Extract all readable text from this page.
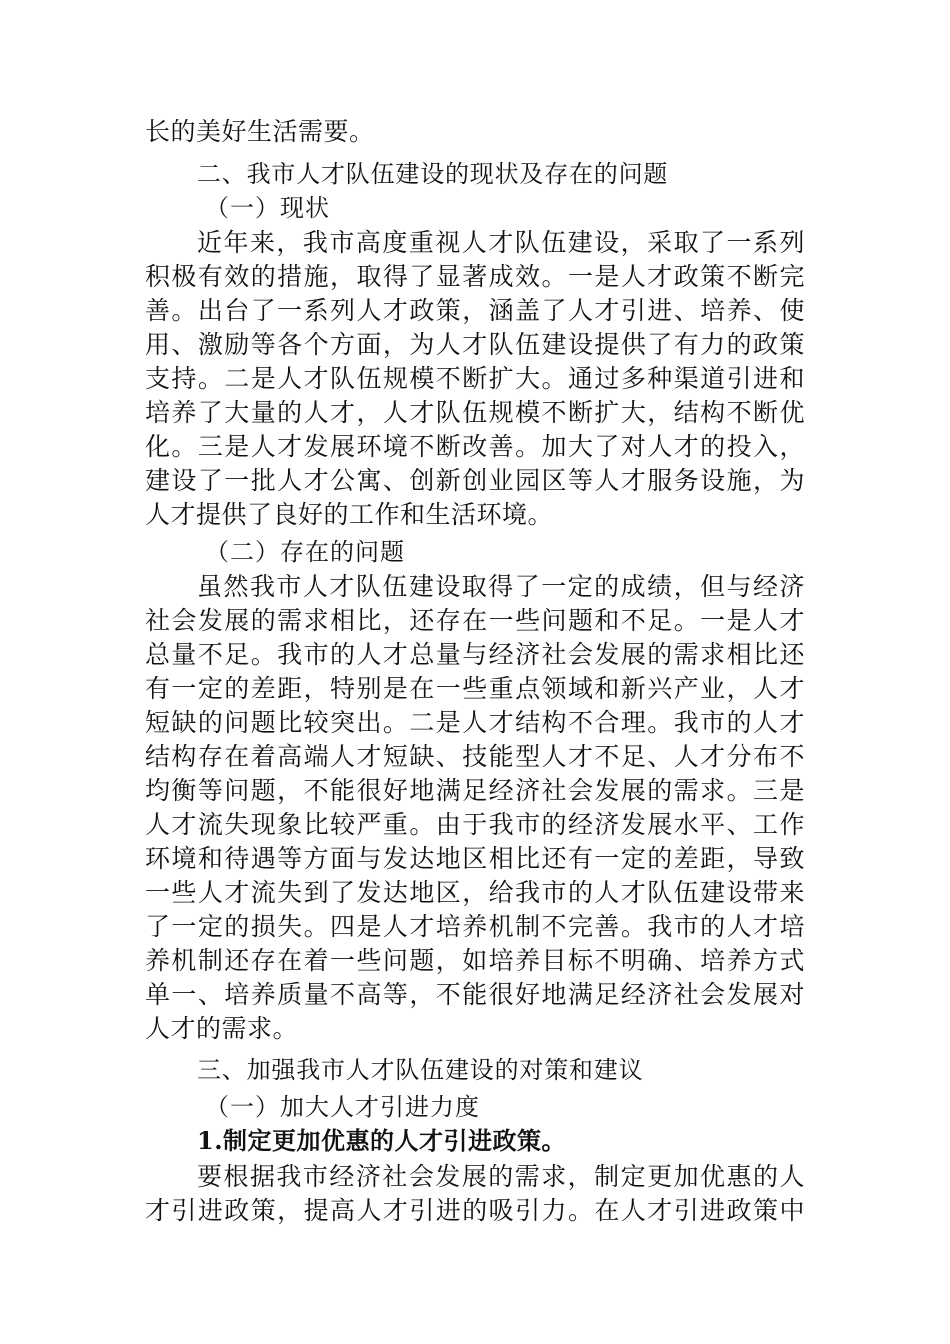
长的美好生活需要。
二、我市人才队伍建设的现状及存在的问题
（一）现状
近年来，我市高度重视人才队伍建设，采取了一系列
积极有效的措施，取得了显著成效。一是人才政策不断完
善。出台了一系列人才政策，涵盖了人才引进、培养、使
用、激励等各个方面，为人才队伍建设提供了有力的政策
支持。二是人才队伍规模不断扩大。通过多种渠道引进和
培养了大量的人才，人才队伍规模不断扩大，结构不断优
化。三是人才发展环境不断改善。加大了对人才的投入，
建设了一批人才公寓、创新创业园区等人才服务设施，为
人才提供了良好的工作和生活环境。
（二）存在的问题
虽然我市人才队伍建设取得了一定的成绩，但与经济
社会发展的需求相比，还存在一些问题和不足。一是人才
总量不足。我市的人才总量与经济社会发展的需求相比还
有一定的差距，特别是在一些重点领域和新兴产业，人才
短缺的问题比较突出。二是人才结构不合理。我市的人才
结构存在着高端人才短缺、技能型人才不足、人才分布不
均衡等问题，不能很好地满足经济社会发展的需求。三是
人才流失现象比较严重。由于我市的经济发展水平、工作
环境和待遇等方面与发达地区相比还有一定的差距，导致
一些人才流失到了发达地区，给我市的人才队伍建设带来
了一定的损失。四是人才培养机制不完善。我市的人才培
养机制还存在着一些问题，如培养目标不明确、培养方式
单一、培养质量不高等，不能很好地满足经济社会发展对
人才的需求。
三、加强我市人才队伍建设的对策和建议
（一）加大人才引进力度
1.制定更加优惠的人才引进政策。
要根据我市经济社会发展的需求，制定更加优惠的人
才引进政策，提高人才引进的吸引力。在人才引进政策中
